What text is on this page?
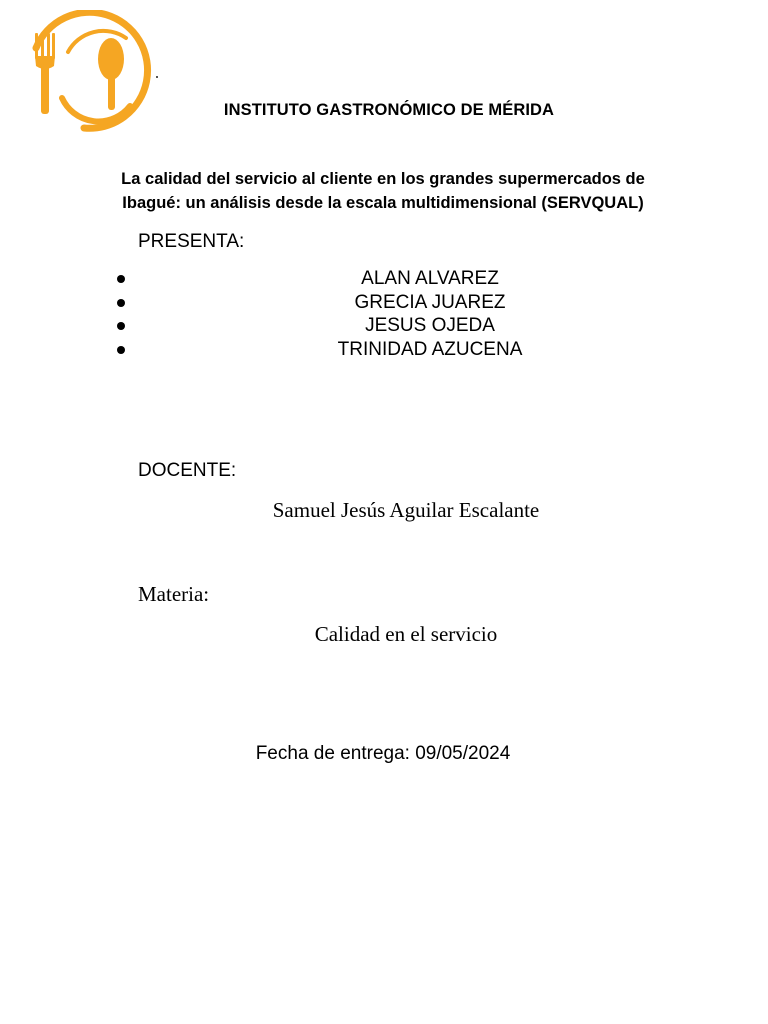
INSTITUTO GASTRONÓMICO DE MÉRIDA
La calidad del servicio al cliente en los grandes supermercados de
Ibagué: un análisis desde la escala multidimensional (SERVQUAL)
PRESENTA:
ALAN ALVAREZ
GRECIA JUAREZ
JESUS OJEDA
TRINIDAD AZUCENA
DOCENTE:
Samuel Jesús Aguilar Escalante
Materia:
Calidad en el servicio
Fecha de entrega: 09/05/2024
